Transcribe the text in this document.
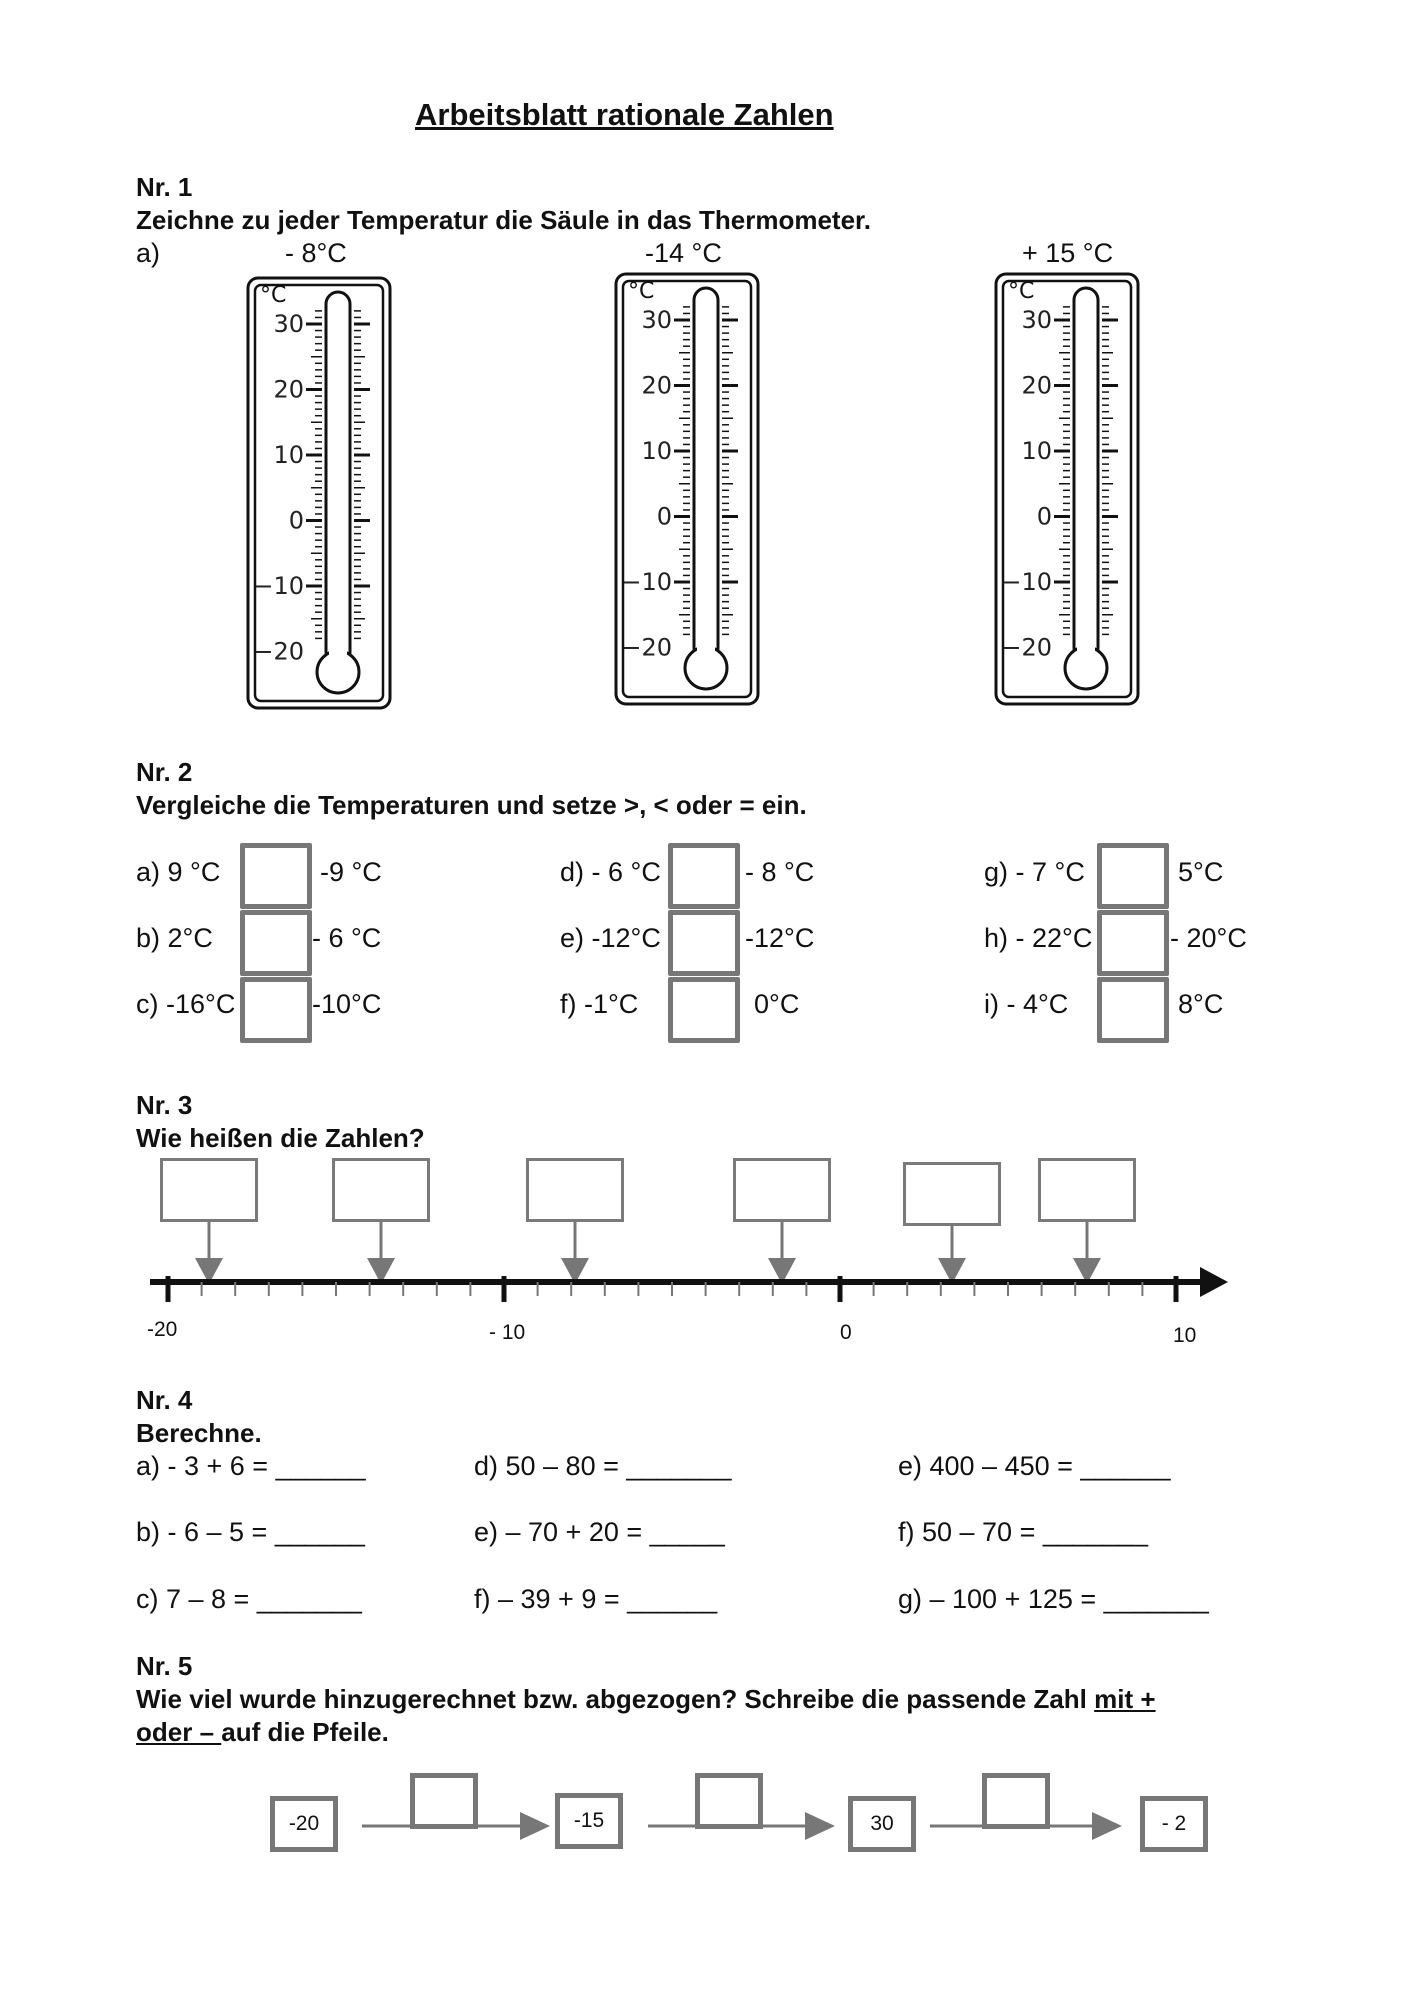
Arbeitsblatt rationale Zahlen
Nr. 1
Zeichne zu jeder Temperatur die Säule in das Thermometer.
a)	- 8°C	-14 °C	+ 15 °C
°C
30
20
10
0
−10
−20
°C
30
20
10
0
−10
−20
°C
30
20
10
0
−10
−20
Nr. 2
Vergleiche die Temperaturen und setze >, < oder = ein.
a) 9 °C	-9 °C
b) 2°C	- 6 °C
c) -16°C	-10°C
d) - 6 °C	- 8 °C
e) -12°C	-12°C
f) -1°C	0°C
g) - 7 °C	5°C
h) - 22°C	- 20°C
i) - 4°C	8°C
Nr. 3
Wie heißen die Zahlen?
-20	- 10	0	10
Nr. 4
Berechne.
a) - 3 + 6 = ______
b) - 6 – 5 = ______
c) 7 – 8 = _______
d) 50 – 80 = _______
e) – 70 + 20 = _____
f) – 39 + 9 = ______
e) 400 – 450 = ______
f) 50 – 70 = _______
g) – 100 + 125 = _______
Nr. 5
Wie viel wurde hinzugerechnet bzw. abgezogen? Schreibe die passende Zahl mit +
oder – auf die Pfeile.
-20	-15	30	- 2
